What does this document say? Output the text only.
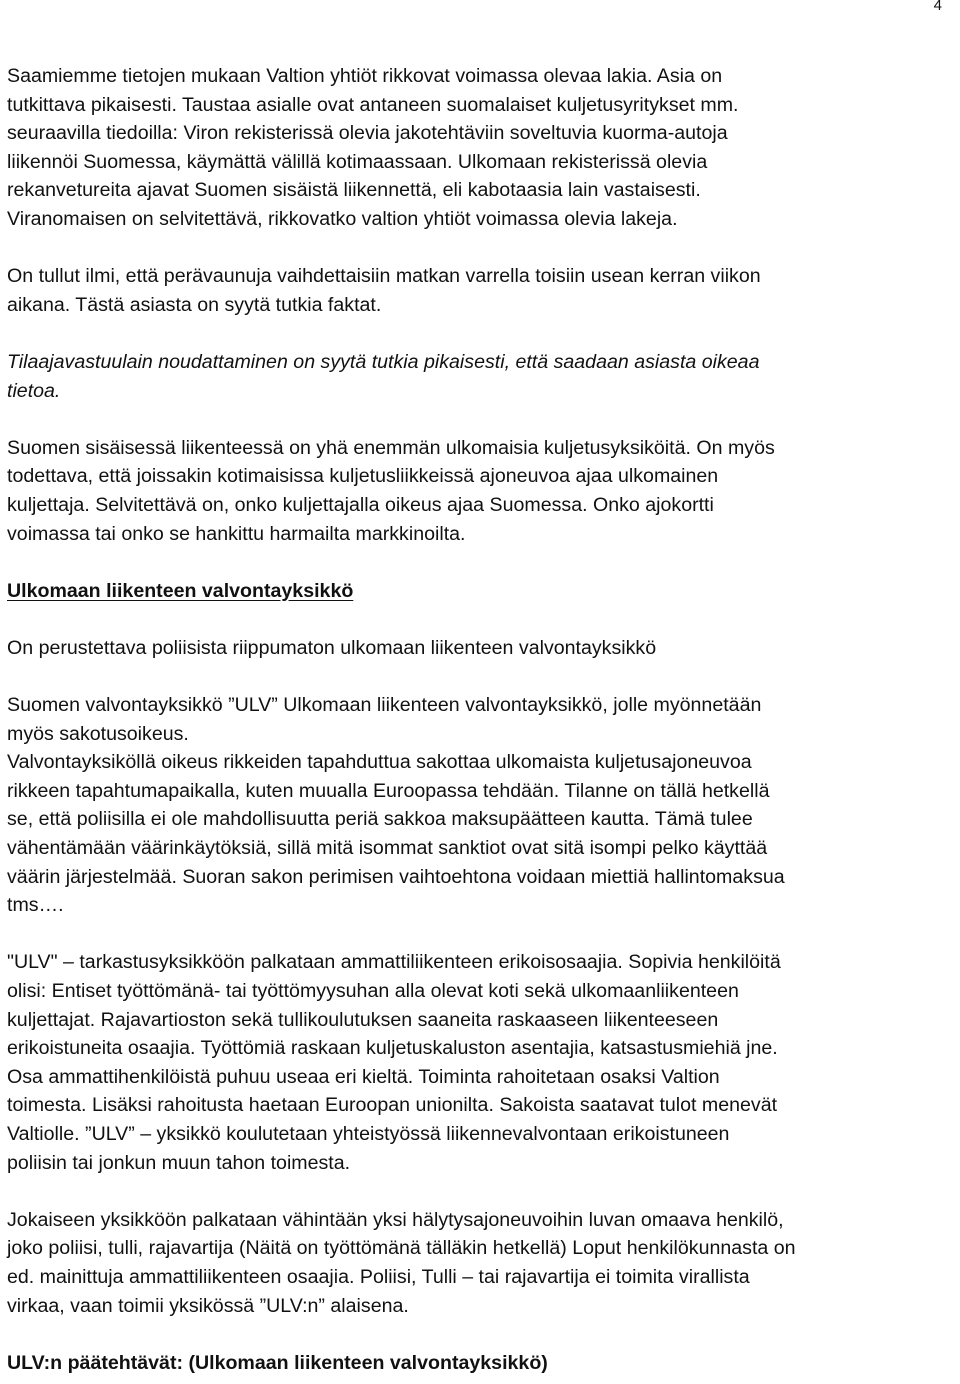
4

Saamiemme tietojen mukaan Valtion yhtiöt rikkovat voimassa olevaa lakia. Asia on
tutkittava pikaisesti. Taustaa asialle ovat antaneen suomalaiset kuljetusyritykset mm.
seuraavilla tiedoilla: Viron rekisterissä olevia jakotehtäviin soveltuvia kuorma-autoja
liikennöi Suomessa, käymättä välillä kotimaassaan. Ulkomaan rekisterissä olevia
rekanvetureita ajavat Suomen sisäistä liikennettä, eli kabotaasia lain vastaisesti.
Viranomaisen on selvitettävä, rikkovatko valtion yhtiöt voimassa olevia lakeja.

On tullut ilmi, että perävaunuja vaihdettaisiin matkan varrella toisiin usean kerran viikon
aikana. Tästä asiasta on syytä tutkia faktat.

Tilaajavastuulain noudattaminen on syytä tutkia pikaisesti, että saadaan asiasta oikeaa
tietoa.

Suomen sisäisessä liikenteessä on yhä enemmän ulkomaisia kuljetusyksiköitä. On myös
todettava, että joissakin kotimaisissa kuljetusliikkeissä ajoneuvoa ajaa ulkomainen
kuljettaja. Selvitettävä on, onko kuljettajalla oikeus ajaa Suomessa. Onko ajokortti
voimassa tai onko se hankittu harmailta markkinoilta.

Ulkomaan liikenteen valvontayksikkö

On perustettava poliisista riippumaton ulkomaan liikenteen valvontayksikkö

Suomen valvontayksikkö ”ULV” Ulkomaan liikenteen valvontayksikkö, jolle myönnetään
myös sakotusoikeus.
Valvontayksiköllä oikeus rikkeiden tapahduttua sakottaa ulkomaista kuljetusajoneuvoa
rikkeen tapahtumapaikalla, kuten muualla Euroopassa tehdään. Tilanne on tällä hetkellä
se, että poliisilla ei ole mahdollisuutta periä sakkoa maksupäätteen kautta. Tämä tulee
vähentämään väärinkäytöksiä, sillä mitä isommat sanktiot ovat sitä isompi pelko käyttää
väärin järjestelmää. Suoran sakon perimisen vaihtoehtona voidaan miettiä hallintomaksua
tms….

"ULV" – tarkastusyksikköön palkataan ammattiliikenteen erikoisosaajia. Sopivia henkilöitä
olisi: Entiset työttömänä- tai työttömyysuhan alla olevat koti sekä ulkomaanliikenteen
kuljettajat. Rajavartioston sekä tullikoulutuksen saaneita raskaaseen liikenteeseen
erikoistuneita osaajia. Työttömiä raskaan kuljetuskaluston asentajia, katsastusmiehiä jne.
Osa ammattihenkilöistä puhuu useaa eri kieltä. Toiminta rahoitetaan osaksi Valtion
toimesta. Lisäksi rahoitusta haetaan Euroopan unionilta. Sakoista saatavat tulot menevät
Valtiolle. ”ULV” – yksikkö koulutetaan yhteistyössä liikennevalvontaan erikoistuneen
poliisin tai jonkun muun tahon toimesta.

Jokaiseen yksikköön palkataan vähintään yksi hälytysajoneuvoihin luvan omaava henkilö,
joko poliisi, tulli, rajavartija (Näitä on työttömänä tälläkin hetkellä) Loput henkilökunnasta on
ed. mainittuja ammattiliikenteen osaajia. Poliisi, Tulli – tai rajavartija ei toimita virallista
virkaa, vaan toimii yksikössä ”ULV:n” alaisena.

ULV:n päätehtävät: (Ulkomaan liikenteen valvontayksikkö)
